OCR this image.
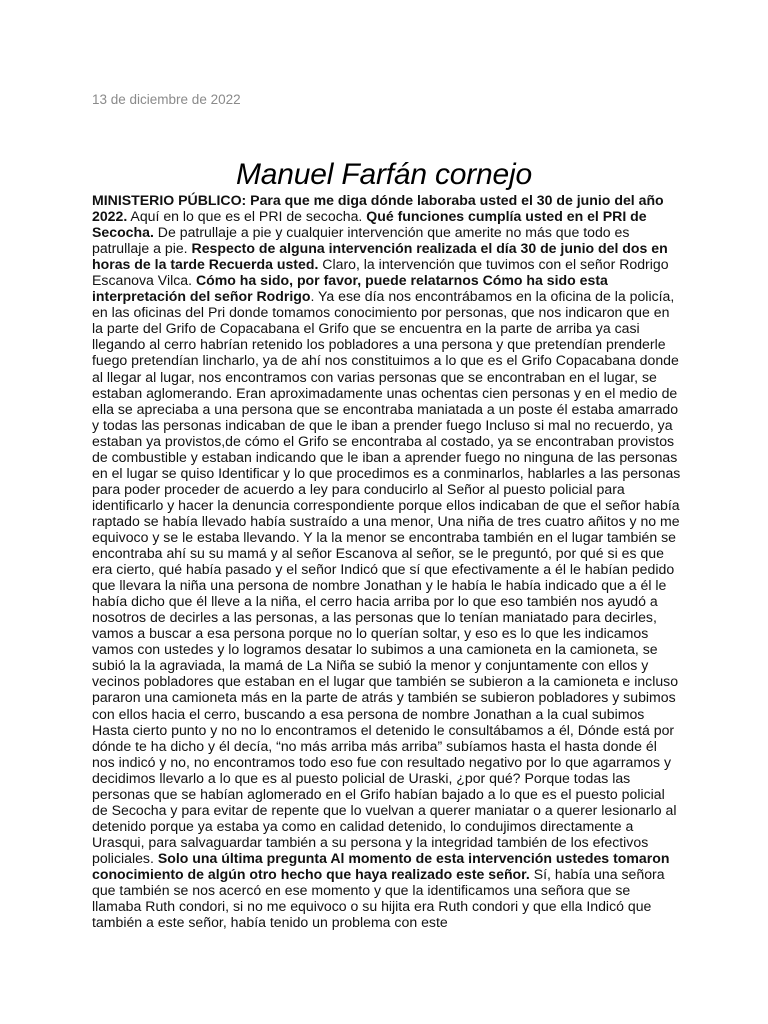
13 de diciembre de 2022
Manuel Farfán cornejo
MINISTERIO PÚBLICO: Para que me diga dónde laboraba usted el 30 de junio del año 2022. Aquí en lo que es el PRI de secocha. Qué funciones cumplía usted en el PRI de Secocha. De patrullaje a pie y cualquier intervención que amerite no más que todo es patrullaje a pie. Respecto de alguna intervención realizada el día 30 de junio del dos en horas de la tarde Recuerda usted. Claro, la intervención que tuvimos con el señor Rodrigo Escanova Vilca. Cómo ha sido, por favor, puede relatarnos Cómo ha sido esta interpretación del señor Rodrigo. Ya ese día nos encontrábamos en la oficina de la policía, en las oficinas del Pri donde tomamos conocimiento por personas, que nos indicaron que en la parte del Grifo de Copacabana el Grifo que se encuentra en la parte de arriba ya casi llegando al cerro habrían retenido los pobladores a una persona y que pretendían prenderle fuego pretendían lincharlo, ya de ahí nos constituimos a lo que es el Grifo Copacabana donde al llegar al lugar, nos encontramos con varias personas que se encontraban en el lugar, se estaban aglomerando. Eran aproximadamente unas ochentas cien personas y en el medio de ella se apreciaba a una persona que se encontraba maniatada a un poste él estaba amarrado y todas las personas indicaban de que le iban a prender fuego Incluso si mal no recuerdo, ya estaban ya provistos,de cómo el Grifo se encontraba al costado, ya se encontraban provistos de combustible y estaban indicando que le iban a aprender fuego no ninguna de las personas en el lugar se quiso Identificar y lo que procedimos es a conminarlos, hablarles a las personas para poder proceder de acuerdo a ley para conducirlo al Señor al puesto policial para identificarlo y hacer la denuncia correspondiente porque ellos indicaban de que el señor había raptado se había llevado había sustraído a una menor, Una niña de tres cuatro añitos y no me equivoco y se le estaba llevando. Y la la menor se encontraba también en el lugar también se encontraba ahí su su mamá y al señor Escanova al señor, se le preguntó, por qué si es que era cierto, qué había pasado y el señor Indicó que sí que efectivamente a él le habían pedido que llevara la niña una persona de nombre Jonathan y le había le había indicado que a él le había dicho que él lleve a la niña, el cerro hacia arriba por lo que eso también nos ayudó a nosotros de decirles a las personas, a las personas que lo tenían maniatado para decirles, vamos a buscar a esa persona porque no lo querían soltar, y eso es lo que les indicamos vamos con ustedes y lo logramos desatar lo subimos a una camioneta en la camioneta, se subió la la agraviada, la mamá de La Niña se subió la menor y conjuntamente con ellos y vecinos pobladores que estaban en el lugar que también se subieron a la camioneta e incluso pararon una camioneta más en la parte de atrás y también se subieron pobladores y subimos con ellos hacia el cerro, buscando a esa persona de nombre Jonathan a la cual subimos Hasta cierto punto y no no lo encontramos el detenido le consultábamos a él, Dónde está por dónde te ha dicho y él decía, “no más arriba más arriba” subíamos hasta el hasta donde él nos indicó y no, no encontramos todo eso fue con resultado negativo por lo que agarramos y decidimos llevarlo a lo que es al puesto policial de Uraski, ¿por qué? Porque todas las personas que se habían aglomerado en el Grifo habían bajado a lo que es el puesto policial de Secocha y para evitar de repente que lo vuelvan a querer maniatar o a querer lesionarlo al detenido porque ya estaba ya como en calidad detenido, lo condujimos directamente a Urasqui, para salvaguardar también a su persona y la integridad también de los efectivos policiales. Solo una última pregunta Al momento de esta intervención ustedes tomaron conocimiento de algún otro hecho que haya realizado este señor. Sí, había una señora que también se nos acercó en ese momento y que la identificamos una señora que se llamaba Ruth condori, si no me equivoco o su hijita era Ruth condori y que ella Indicó que también a este señor, había tenido un problema con este
